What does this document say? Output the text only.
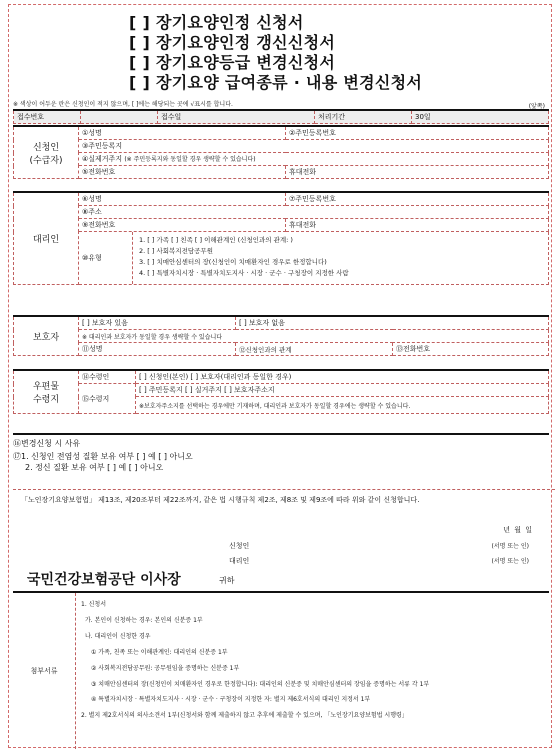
[ ] 장기요양인정 신청서
[ ] 장기요양인정 갱신신청서
[ ] 장기요양등급 변경신청서
[ ] 장기요양 급여종류 · 내용 변경신청서
※ 색상이 어두운 란은 신청인이 적지 않으며, [ ]에는 해당되는 곳에 √표시를 합니다.	(앞쪽)
접수번호		접수일	처리기간	30일
신청인
(수급자)	①성명	②주민등록번호
	③주민등록지	
	④실제거주지 (※ 주민등록지와 동일할 경우 생략할 수 있습니다)	
	⑤전화번호	휴대전화
대리인	⑥성명	⑦주민등록번호
	⑧주소	
	⑨전화번호	휴대전화

⑩유형
1. [ ] 가족 [ ] 친족 [ ] 이해관계인 (신청인과의 관계: )
2. [ ] 사회복지전담공무원
3. [ ] 치매안심센터의 장(신청인이 치매환자인 경우로 한정합니다)
4. [ ] 특별자치시장 · 특별자치도지사 · 시장 · 군수 · 구청장이 지정한 사람	
보호자	[ ] 보호자 있음	[ ] 보호자 없음	
	※ 대리인과 보호자가 동일할 경우 생략할 수 있습니다		
	⑪성명	⑫신청인과의 관계	⑬전화번호
우편물
수령지	⑭수령인	[ ] 신청인(본인) [ ] 보호자(대리인과 동일한 경우)
	⑮수령지	[ ] 주민등록지 [ ] 실거주지 [ ] 보호자주소지
		※보호자주소지를 선택하는 경우에만 기재하며, 대리인과 보호자가 동일할 경우에는 생략할 수 있습니다.
⑯변경신청 시 사유
⑰1. 신청인 전염성 질환 보유 여부 [ ] 예 [ ] 아니오
2. 정신 질환 보유 여부 [ ] 예 [ ] 아니오
「노인장기요양보험법」 제13조, 제20조부터 제22조까지, 같은 법 시행규칙 제2조, 제8조 및 제9조에 따라 위와 같이 신청합니다.
년 월 일
신청인	(서명 또는 인)
대리인	(서명 또는 인)
국민건강보험공단 이사장	귀하
첨부서류
1. 신청서
가. 본인이 신청하는 경우: 본인의 신분증 1부
나. 대리인이 신청한 경우
① 가족, 친족 또는 이해관계인: 대리인의 신분증 1부
② 사회복지전담공무원: 공무원임을 증명하는 신분증 1부
③ 치매안심센터의 장(신청인이 치매환자인 경우로 한정합니다): 대리인의 신분증 및 치매안심센터의 장임을 증명하는 서류 각 1부
④ 특별자치시장 · 특별자치도지사 · 시장 · 군수 · 구청장이 지정한 자: 별지 제6호서식의 대리인 지정서 1부
2. 별지 제2호서식의 의사소견서 1부(신청서와 함께 제출하지 않고 추후에 제출할 수 있으며, 「노인장기요양보험법 시행령」
